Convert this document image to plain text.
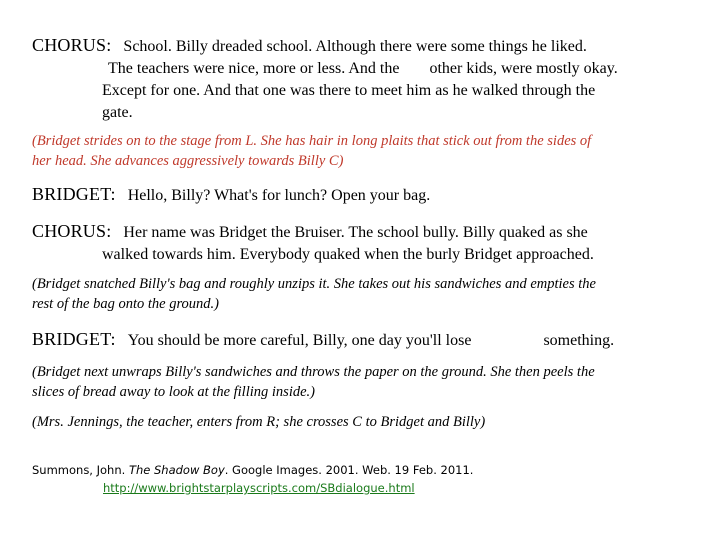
CHORUS: School. Billy dreaded school. Although there were some things he liked.
The teachers were nice, more or less. And the other kids, were mostly okay.
Except for one. And that one was there to meet him as he walked through the
gate.
(Bridget strides on to the stage from L. She has hair in long plaits that stick out from the sides of
her head. She advances aggressively towards Billy C)
BRIDGET: Hello, Billy? What's for lunch? Open your bag.
CHORUS: Her name was Bridget the Bruiser. The school bully. Billy quaked as she
walked towards him. Everybody quaked when the burly Bridget approached.
(Bridget snatched Billy's bag and roughly unzips it. She takes out his sandwiches and empties the
rest of the bag onto the ground.)
BRIDGET: You should be more careful, Billy, one day you'll lose	something.
(Bridget next unwraps Billy's sandwiches and throws the paper on the ground. She then peels the
slices of bread away to look at the filling inside.)
(Mrs. Jennings, the teacher, enters from R; she crosses C to Bridget and Billy)
Summons, John. The Shadow Boy. Google Images. 2001. Web. 19 Feb. 2011.
http://www.brightstarplayscripts.com/SBdialogue.html
